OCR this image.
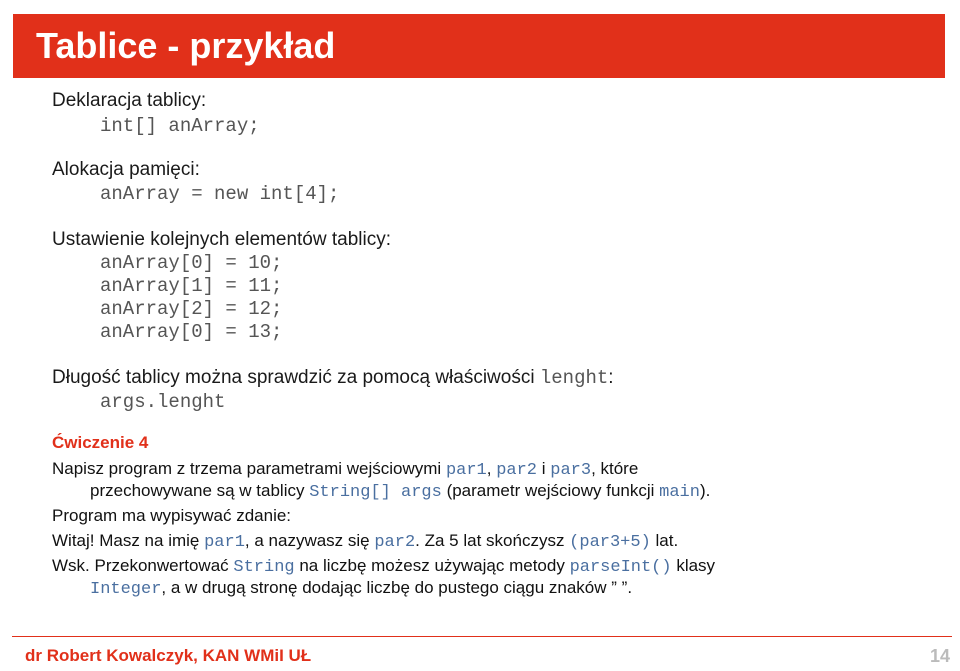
Tablice - przykład

Deklaracja tablicy:

int[] anArray;

Alokacja pamięci:

anArray = new int[4];

Ustawienie kolejnych elementów tablicy:

anArray[0] = 10;

anArray[1] = 11;

anArray[2] = 12;

anArray[0] = 13;

Długość tablicy można sprawdzić za pomocą właściwości lenght:

args.lenght

Ćwiczenie 4

Napisz program z trzema parametrami wejściowymi par1, par2 i par3, które

przechowywane są w tablicy String[] args (parametr wejściowy funkcji main).

Program ma wypisywać zdanie:

Witaj! Masz na imię par1, a nazywasz się par2. Za 5 lat skończysz (par3+5) lat.

Wsk. Przekonwertować String na liczbę możesz używając metody parseInt() klasy

Integer, a w drugą stronę dodając liczbę do pustego ciągu znaków ” ”.

dr Robert Kowalczyk, KAN WMiI UŁ	14
